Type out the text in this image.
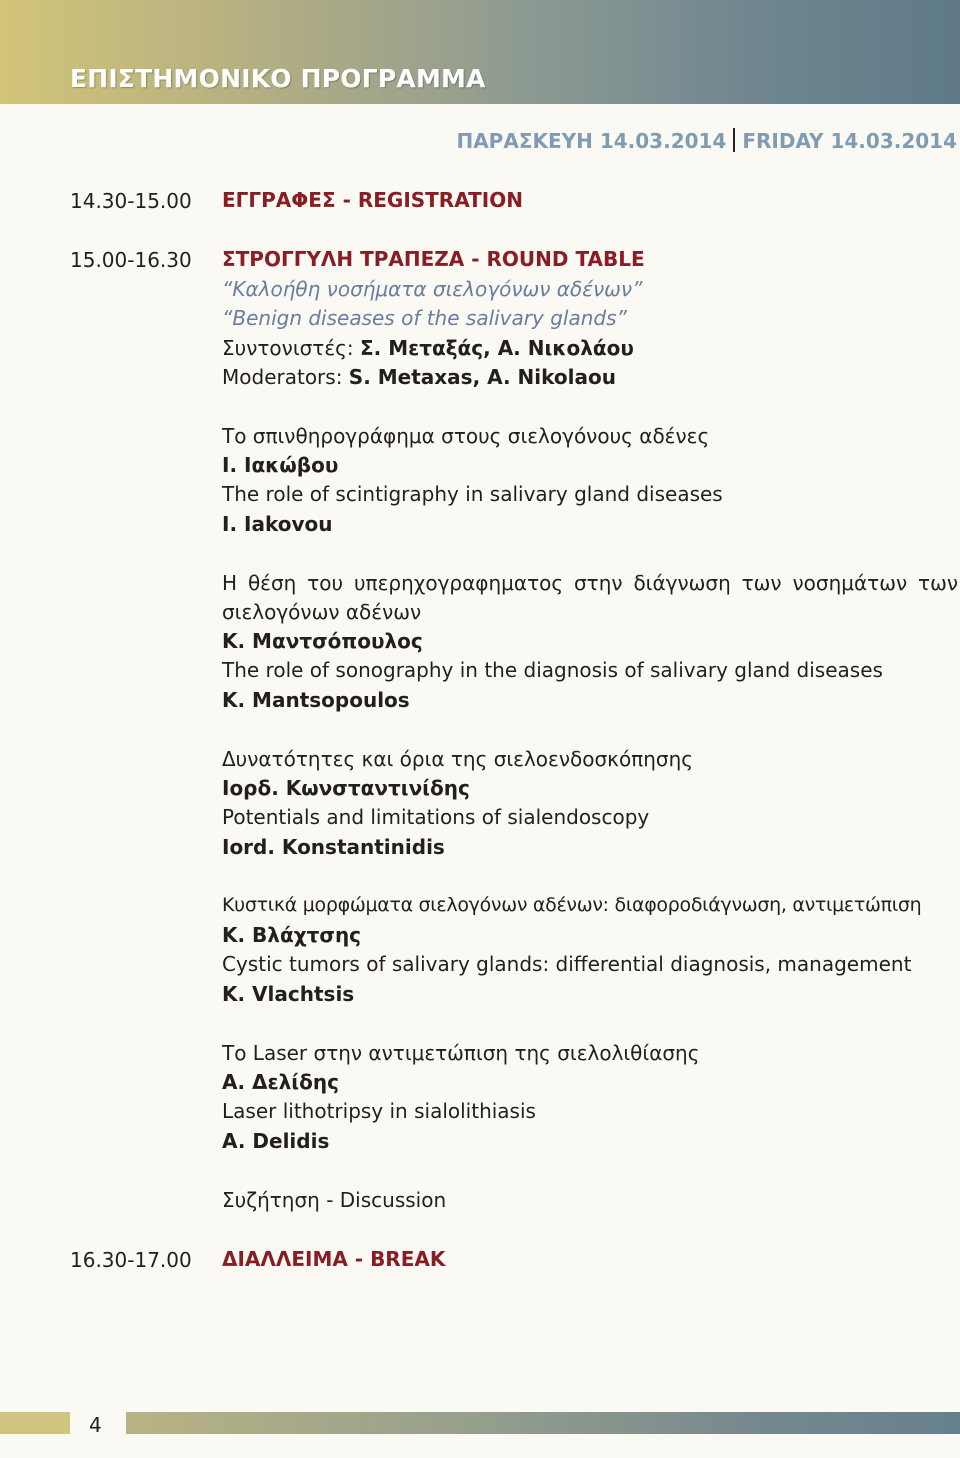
ΕΠΙΣΤΗΜΟΝΙΚΟ ΠΡΟΓΡΑΜΜΑ
ΠΑΡΑΣΚΕΥΗ 14.03.2014 FRIDAY 14.03.2014
14.30-15.00 ΕΓΓΡΑΦΕΣ - REGISTRATION
15.00-16.30 ΣΤΡΟΓΓΥΛΗ ΤΡΑΠΕΖΑ - ROUND TABLE
“Καλοήθη νοσήματα σιελογόνων αδένων”
“Benign diseases of the salivary glands”
Συντονιστές: Σ. Μεταξάς, Α. Νικολάου
Moderators: S. Metaxas, A. Nikolaou
Το σπινθηρογράφημα στους σιελογόνους αδένες
Ι. Ιακώβου
The role of scintigraphy in salivary gland diseases
I. Iakovou
Η θέση του υπερηχογραφηματος στην διάγνωση των νοσημάτων των
σιελογόνων αδένων
Κ. Μαντσόπουλος
The role of sonography in the diagnosis of salivary gland diseases
K. Mantsopoulos
Δυνατότητες και όρια της σιελοενδοσκόπησης
Ιορδ. Κωνσταντινίδης
Potentials and limitations of sialendoscopy
Iord. Konstantinidis
Κυστικά μορφώματα σιελογόνων αδένων: διαφοροδιάγνωση, αντιμετώπιση
Κ. Βλάχτσης
Cystic tumors of salivary glands: differential diagnosis, management
K. Vlachtsis
Το Laser στην αντιμετώπιση της σιελολιθίασης
Α. Δελίδης
Laser lithotripsy in sialolithiasis
A. Delidis
Συζήτηση - Discussion
16.30-17.00 ΔΙΑΛΛΕΙΜΑ - BREAK
4
